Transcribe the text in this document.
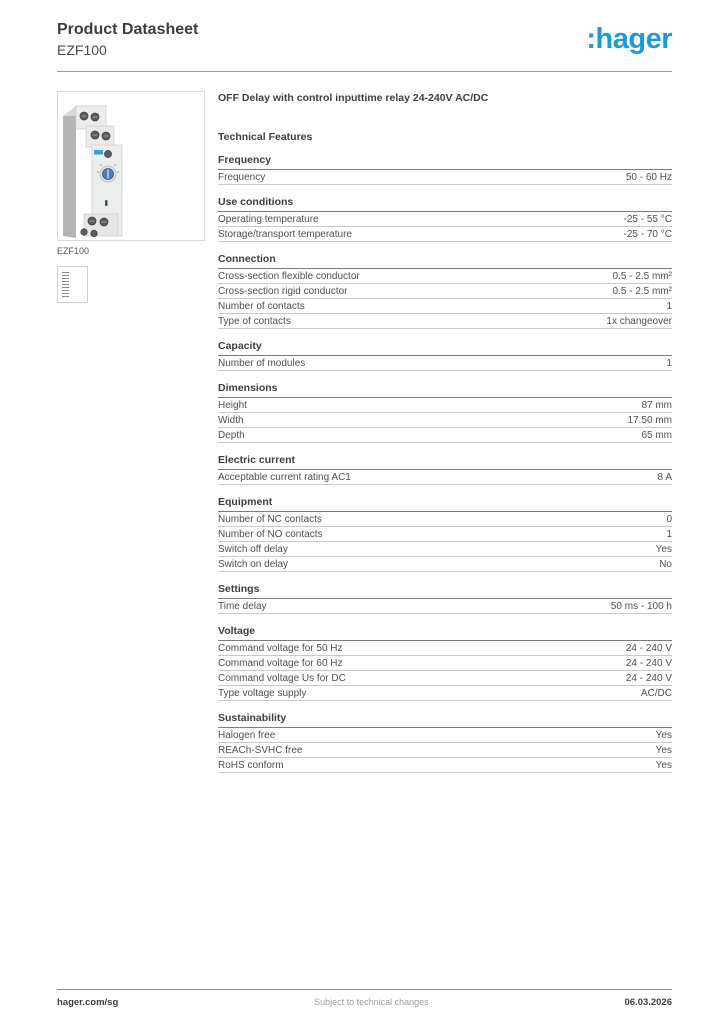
Product Datasheet
EZF100	:hager
EZF100
OFF Delay with control inputtime relay 24-240V AC/DC
Technical Features
Frequency
Frequency	50 - 60 Hz
Use conditions
Operating temperature	-25 - 55 °C
Storage/transport temperature	-25 - 70 °C
Connection
Cross-section flexible conductor	0.5 - 2.5 mm²
Cross-section rigid conductor	0.5 - 2.5 mm²
Number of contacts	1
Type of contacts	1x changeover
Capacity
Number of modules	1
Dimensions
Height	87 mm
Width	17.50 mm
Depth	65 mm
Electric current
Acceptable current rating AC1	8 A
Equipment
Number of NC contacts	0
Number of NO contacts	1
Switch off delay	Yes
Switch on delay	No
Settings
Time delay	50 ms - 100 h
Voltage
Command voltage for 50 Hz	24 - 240 V
Command voltage for 60 Hz	24 - 240 V
Command voltage Us for DC	24 - 240 V
Type voltage supply	AC/DC
Sustainability
Halogen free	Yes
REACh-SVHC free	Yes
RoHS conform	Yes
hager.com/sg	Subject to technical changes	06.03.2026
